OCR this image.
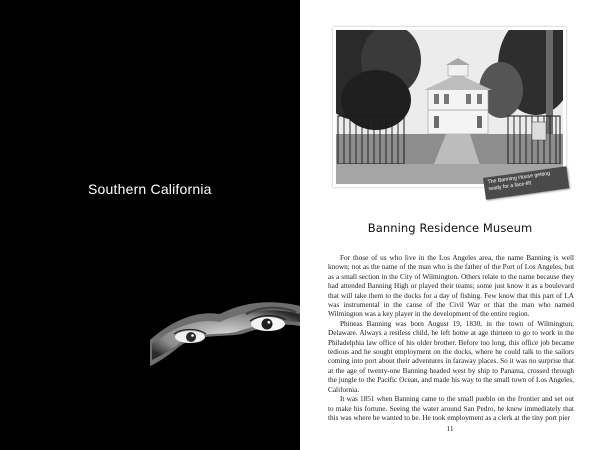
Southern California
The Banning House getting ready for a face-lift
Banning Residence Museum

For those of us who live in the Los Angeles area, the name Banning is well known; not as the name of the man who is the father of the Port of Los Angeles, but as a small section in the City of Wilmington. Others relate to the name because they had attended Banning High or played their teams; some just know it as a boulevard that will take them to the docks for a day of fishing. Few know that this part of LA was instrumental in the cause of the Civil War or that the man who named Wilmington was a key player in the development of the entire region.

Phineas Banning was born August 19, 1830, in the town of Wilmington, Delaware. Always a restless child, he left home at age thirteen to go to work in the Philadelphia law office of his older brother. Before too long, this office job became tedious and he sought employment on the docks, where he could talk to the sailors coming into port about their adventures in faraway places. So it was no surprise that at the age of twenty-one Banning headed west by ship to Panama, crossed through the jungle to the Pacific Ocean, and made his way to the small town of Los Angeles, California.

It was 1851 when Banning came to the small pueblo on the frontier and set out to make his fortune. Seeing the water around San Pedro, he knew immediately that this was where he wanted to be. He took employment as a clerk at the tiny port pier

11
